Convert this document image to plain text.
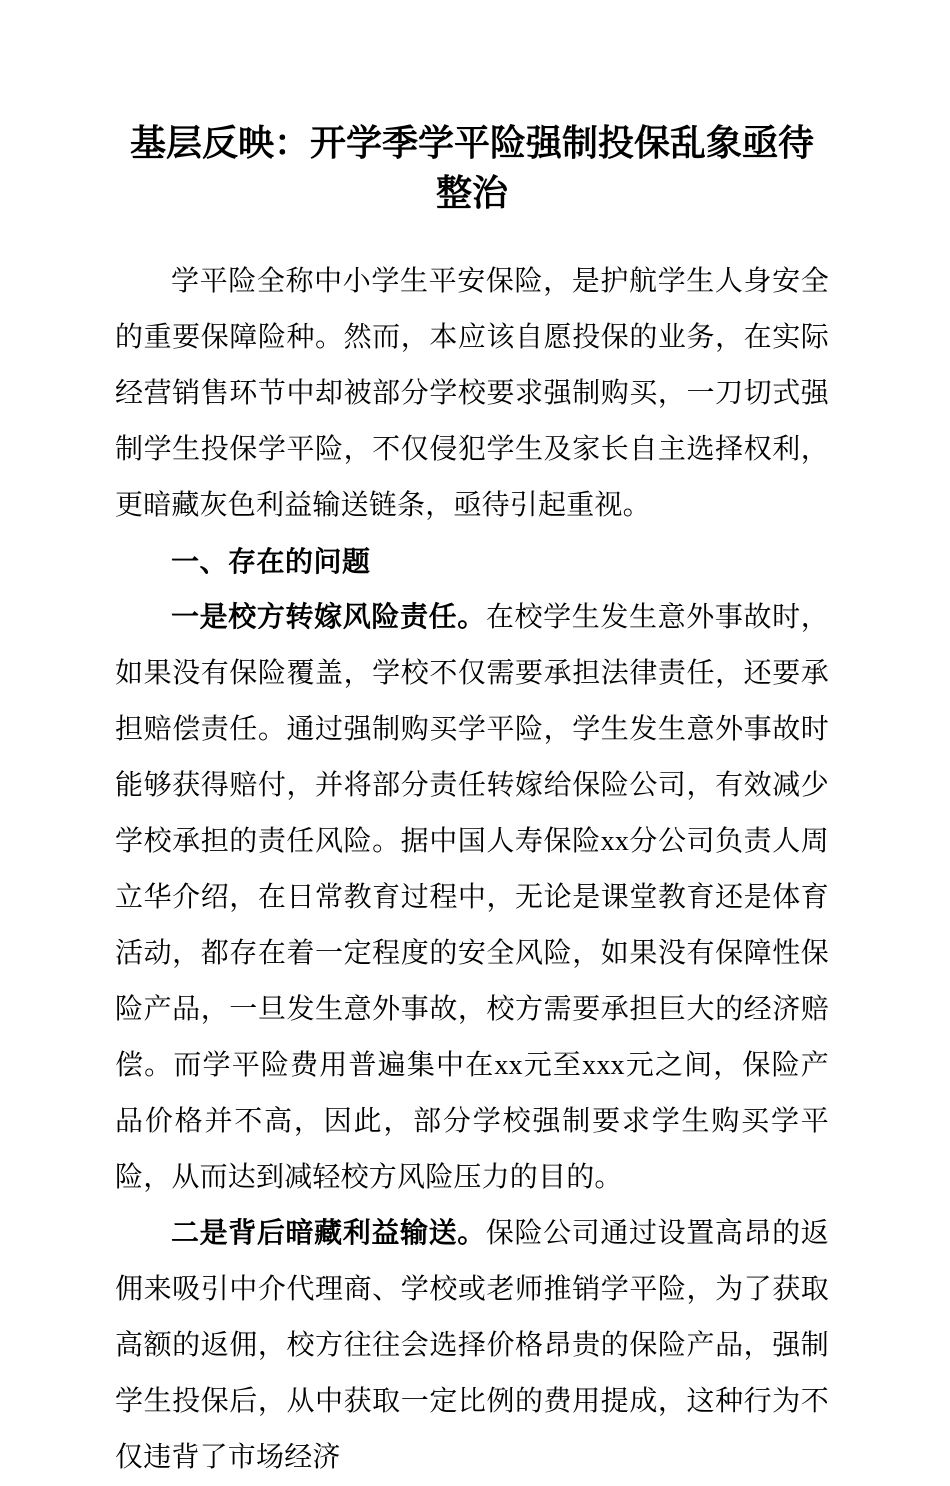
基层反映：开学季学平险强制投保乱象亟待整治

学平险全称中小学生平安保险，是护航学生人身安全的重要保障险种。然而，本应该自愿投保的业务，在实际经营销售环节中却被部分学校要求强制购买，一刀切式强制学生投保学平险，不仅侵犯学生及家长自主选择权利，更暗藏灰色利益输送链条，亟待引起重视。

一、存在的问题

一是校方转嫁风险责任。在校学生发生意外事故时，如果没有保险覆盖，学校不仅需要承担法律责任，还要承担赔偿责任。通过强制购买学平险，学生发生意外事故时能够获得赔付，并将部分责任转嫁给保险公司，有效减少学校承担的责任风险。据中国人寿保险xx分公司负责人周立华介绍，在日常教育过程中，无论是课堂教育还是体育活动，都存在着一定程度的安全风险，如果没有保障性保险产品，一旦发生意外事故，校方需要承担巨大的经济赔偿。而学平险费用普遍集中在xx元至xxx元之间，保险产品价格并不高，因此，部分学校强制要求学生购买学平险，从而达到减轻校方风险压力的目的。

二是背后暗藏利益输送。保险公司通过设置高昂的返佣来吸引中介代理商、学校或老师推销学平险，为了获取高额的返佣，校方往往会选择价格昂贵的保险产品，强制学生投保后，从中获取一定比例的费用提成，这种行为不仅违背了市场经济
